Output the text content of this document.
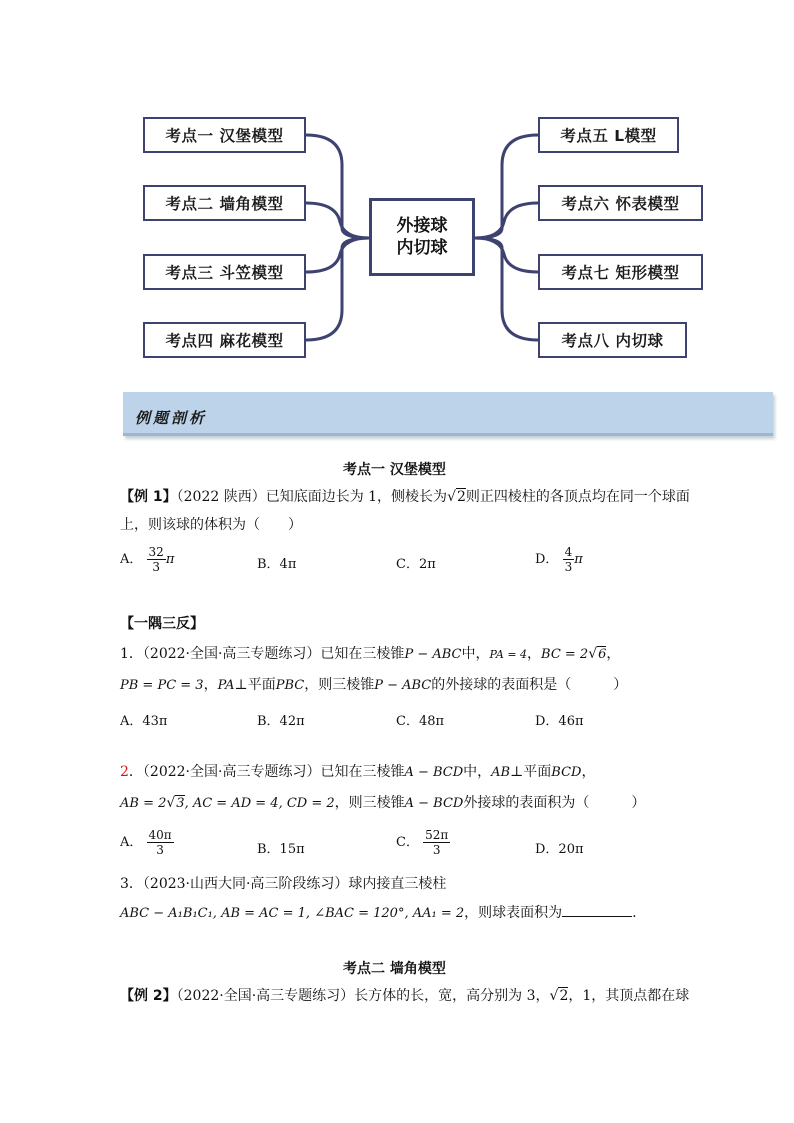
考点一 汉堡模型
考点二 墙角模型
考点三 斗笠模型
考点四 麻花模型
外接球
内切球
考点五 L模型
考点六 怀表模型
考点七 矩形模型
考点八 内切球
例题剖析
考点一 汉堡模型
【例 1】（2022 陕西）已知底面边长为 1，侧棱长为√2则正四棱柱的各顶点均在同一个球面
上，则该球的体积为（　　）
A． $\frac{32}{3}$ π	B．4π	C．2π	D． $\frac{4}{3}$ π
【一隅三反】
1．（2022·全国·高三专题练习）已知在三棱锥P − ABC中，PA = 4，BC = 2√6，
PB = PC = 3，PA⊥平面PBC，则三棱锥P − ABC的外接球的表面积是（　　　）
A．43π	B．42π	C．48π	D．46π
2．（2022·全国·高三专题练习）已知在三棱锥A − BCD中，AB⊥平面BCD，
AB = 2√3, AC = AD = 4, CD = 2，则三棱锥A − BCD外接球的表面积为（　　　）
A． $\frac{40\pi}{3}$	B．15π	C． $\frac{52\pi}{3}$	D．20π
3．（2023·山西大同·高三阶段练习）球内接直三棱柱
ABC − A₁B₁C₁, AB = AC = 1, ∠BAC = 120°, AA₁ = 2，则球表面积为	.
考点二 墙角模型
【例 2】（2022·全国·高三专题练习）长方体的长，宽，高分别为 3，√2，1，其顶点都在球
